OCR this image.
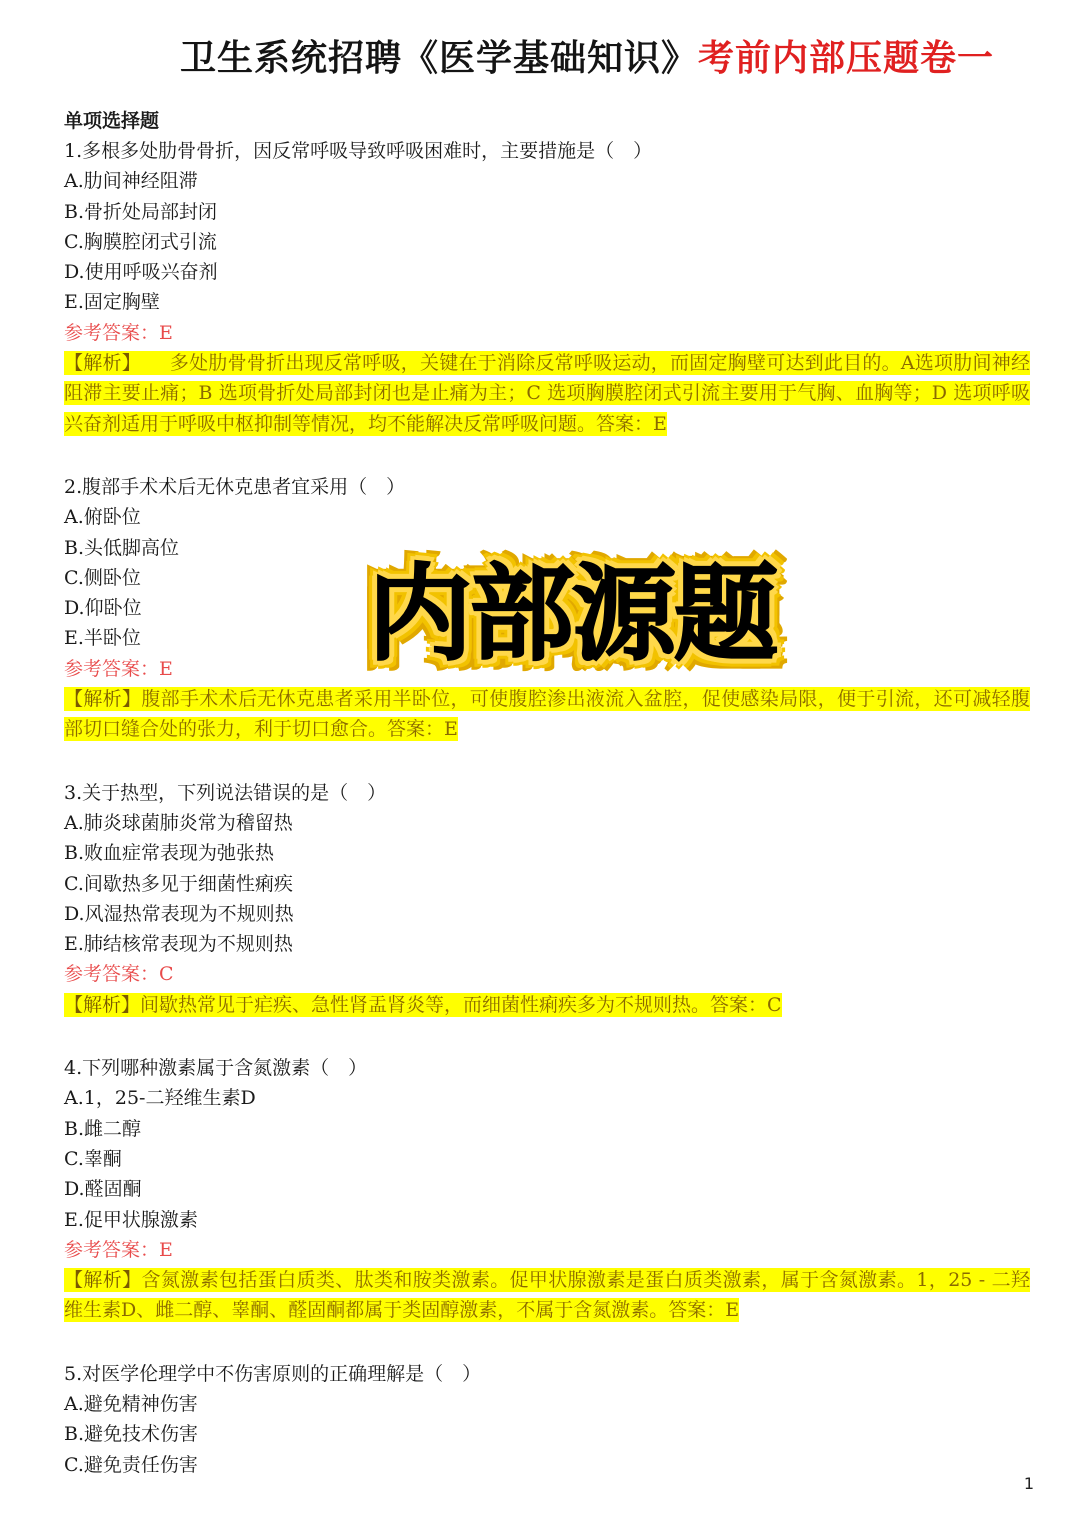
卫生系统招聘《医学基础知识》考前内部压题卷一
单项选择题
1.多根多处肋骨骨折，因反常呼吸导致呼吸困难时，主要措施是（　）
A.肋间神经阻滞
B.骨折处局部封闭
C.胸膜腔闭式引流
D.使用呼吸兴奋剂
E.固定胸壁
参考答案：E
【解析】　　多处肋骨骨折出现反常呼吸，关键在于消除反常呼吸运动，而固定胸壁可达到此目的。A选项肋间神经阻滞主要止痛；B 选项骨折处局部封闭也是止痛为主；C 选项胸膜腔闭式引流主要用于气胸、血胸等；D 选项呼吸兴奋剂适用于呼吸中枢抑制等情况，均不能解决反常呼吸问题。答案：E
2.腹部手术术后无休克患者宜采用（　）
A.俯卧位
B.头低脚高位
C.侧卧位
D.仰卧位
E.半卧位
参考答案：E
【解析】腹部手术术后无休克患者采用半卧位，可使腹腔渗出液流入盆腔，促使感染局限，便于引流，还可减轻腹部切口缝合处的张力，利于切口愈合。答案：E
3.关于热型，下列说法错误的是（　）
A.肺炎球菌肺炎常为稽留热
B.败血症常表现为弛张热
C.间歇热多见于细菌性痢疾
D.风湿热常表现为不规则热
E.肺结核常表现为不规则热
参考答案：C
【解析】间歇热常见于疟疾、急性肾盂肾炎等，而细菌性痢疾多为不规则热。答案：C
4.下列哪种激素属于含氮激素（　）
A.1，25-二羟维生素D
B.雌二醇
C.睾酮
D.醛固酮
E.促甲状腺激素
参考答案：E
【解析】含氮激素包括蛋白质类、肽类和胺类激素。促甲状腺激素是蛋白质类激素，属于含氮激素。1，25 - 二羟维生素D、雌二醇、睾酮、醛固酮都属于类固醇激素，不属于含氮激素。答案：E
5.对医学伦理学中不伤害原则的正确理解是（　）
A.避免精神伤害
B.避免技术伤害
C.避免责任伤害
内部源题
1
